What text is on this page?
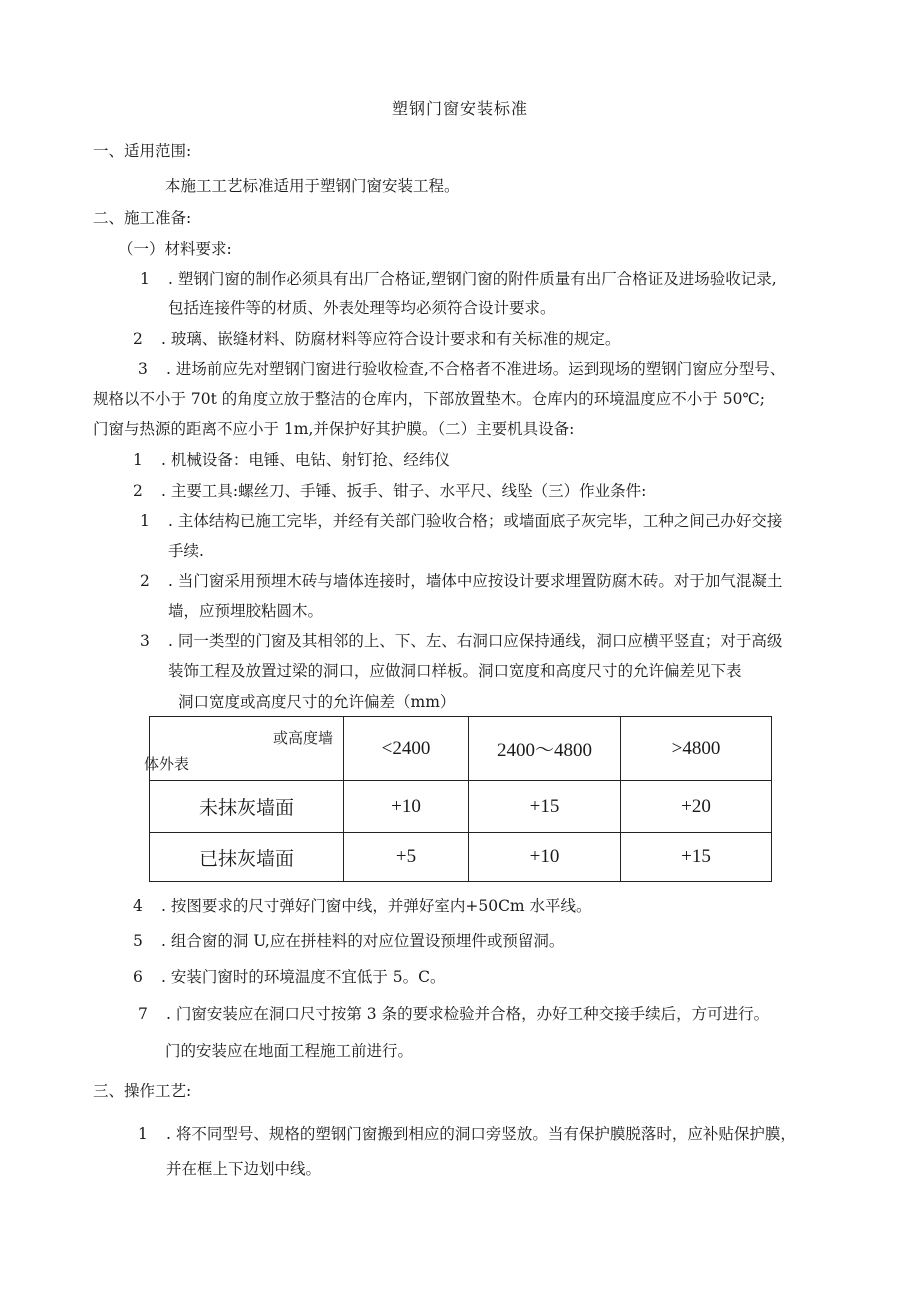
塑钢门窗安装标准
一、适用范围:
本施工工艺标准适用于塑钢门窗安装工程。
二、施工准备:
（一）材料要求:
1 . 塑钢门窗的制作必须具有出厂合格证,塑钢门窗的附件质量有出厂合格证及进场验收记录,
包括连接件等的材质、外表处理等均必须符合设计要求。
2 . 玻璃、嵌缝材料、防腐材料等应符合设计要求和有关标准的规定。
3 . 进场前应先对塑钢门窗进行验收检查,不合格者不准进场。运到现场的塑钢门窗应分型号、
规格以不小于 70t 的角度立放于整洁的仓库内，下部放置垫木。仓库内的环境温度应不小于 50℃;
门窗与热源的距离不应小于 1m,并保护好其护膜。（二）主要机具设备:
1 . 机械设备：电锤、电钻、射钉抢、经纬仪
2 . 主要工具:螺丝刀、手锤、扳手、钳子、水平尺、线坠（三）作业条件:
1 . 主体结构已施工完毕，并经有关部门验收合格；或墙面底子灰完毕，工种之间己办好交接
手续.
2 . 当门窗采用预埋木砖与墙体连接时，墙体中应按设计要求埋置防腐木砖。对于加气混凝土
墙，应预埋胶粘圆木。
3 . 同一类型的门窗及其相邻的上、下、左、右洞口应保持通线，洞口应横平竖直；对于高级
装饰工程及放置过梁的洞口，应做洞口样板。洞口宽度和高度尺寸的允许偏差见下表
洞口宽度或高度尺寸的允许偏差（mm）
或高度墙
体外表	<2400	2400～4800	>4800
未抹灰墙面	+10	+15	+20
已抹灰墙面	+5	+10	+15
4 . 按图要求的尺寸弹好门窗中线，并弹好室内+50Cm 水平线。
5 . 组合窗的洞 U,应在拼桂料的对应位置设预埋件或预留洞。
6 . 安装门窗时的环境温度不宜低于 5。C。
7 . 门窗安装应在洞口尺寸按第 3 条的要求检验并合格，办好工种交接手续后，方可进行。
门的安装应在地面工程施工前进行。
三、操作工艺:
1 . 将不同型号、规格的塑钢门窗搬到相应的洞口旁竖放。当有保护膜脱落时，应补贴保护膜，
并在框上下边划中线。
